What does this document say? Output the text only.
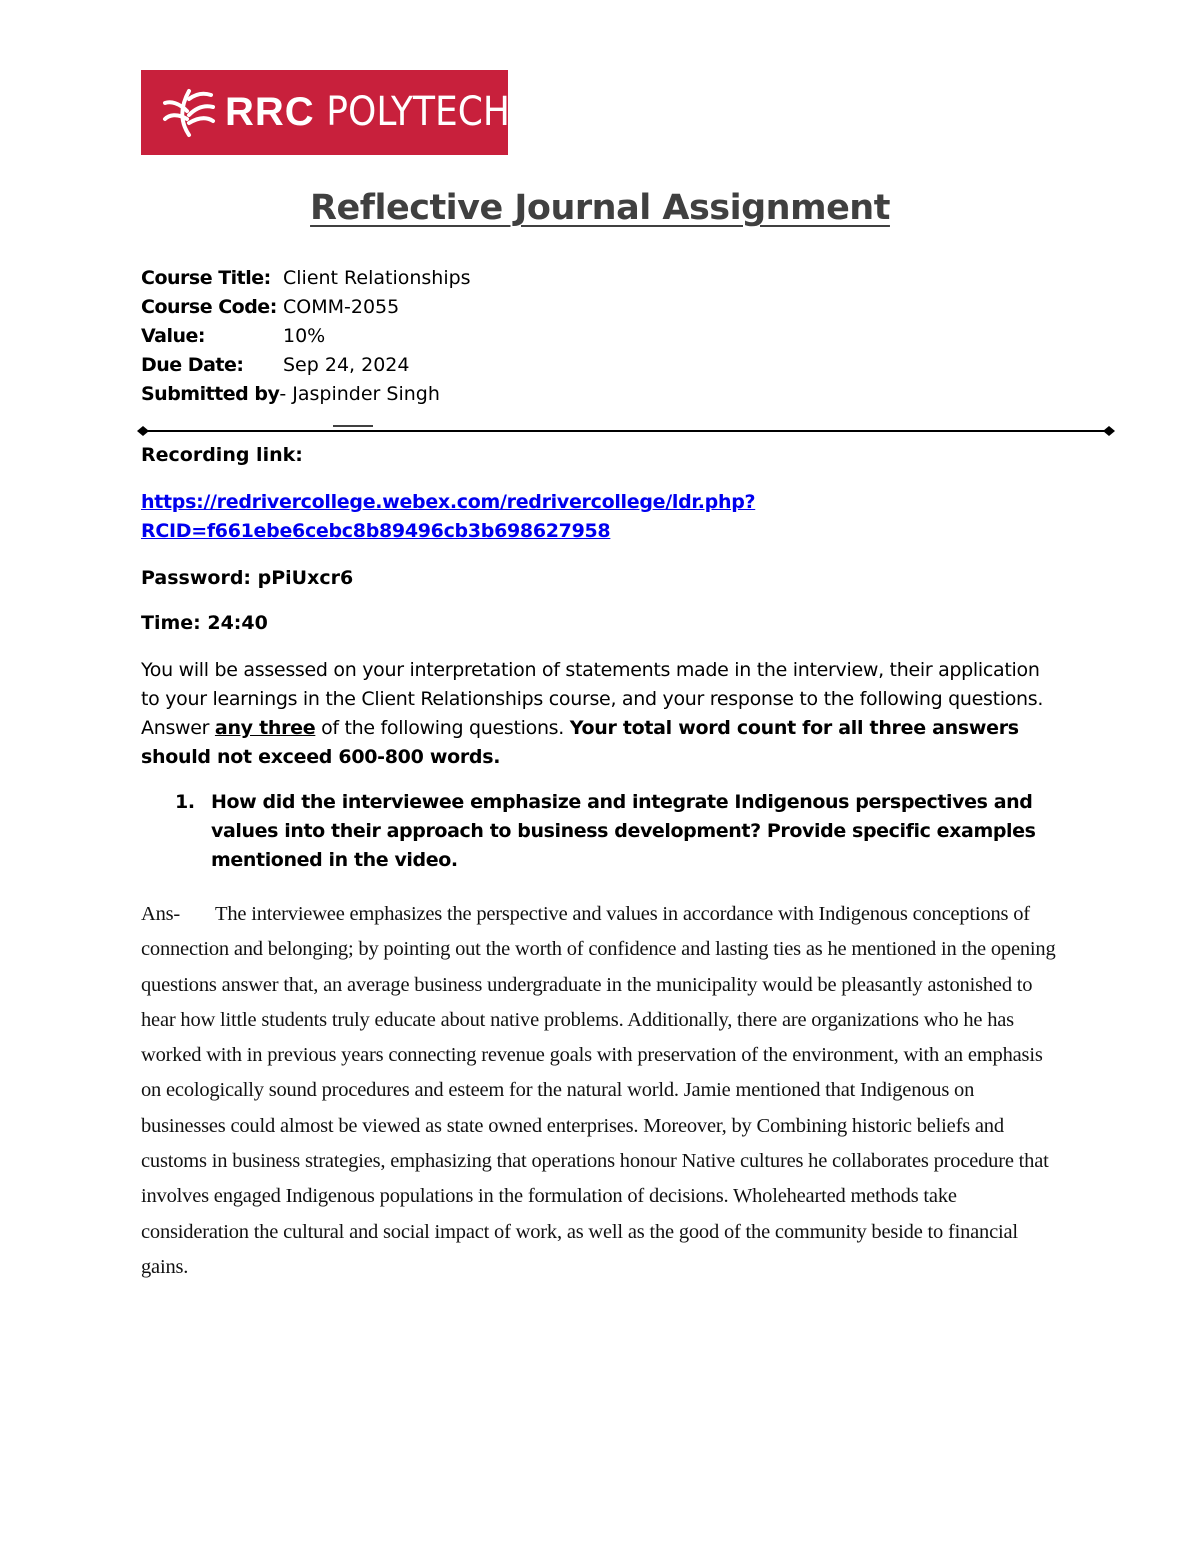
RRC POLYTECH
Reflective Journal Assignment
Course Title: Client Relationships
Course Code: COMM-2055
Value:	10%
Due Date: Sep 24, 2024
Submitted by- Jaspinder Singh
Recording link:
https://redrivercollege.webex.com/redrivercollege/ldr.php?
RCID=f661ebe6cebc8b89496cb3b698627958
Password: pPiUxcr6
Time: 24:40
You will be assessed on your interpretation of statements made in the interview, their application to your learnings in the Client Relationships course, and your response to the following questions. Answer any three of the following questions. Your total word count for all three answers should not exceed 600-800 words.
1. How did the interviewee emphasize and integrate Indigenous perspectives and values into their approach to business development? Provide specific examples mentioned in the video.
Ans- The interviewee emphasizes the perspective and values in accordance with Indigenous conceptions of connection and belonging; by pointing out the worth of confidence and lasting ties as he mentioned in the opening questions answer that, an average business undergraduate in the municipality would be pleasantly astonished to hear how little students truly educate about native problems. Additionally, there are organizations who he has worked with in previous years connecting revenue goals with preservation of the environment, with an emphasis on ecologically sound procedures and esteem for the natural world. Jamie mentioned that Indigenous on businesses could almost be viewed as state owned enterprises. Moreover, by Combining historic beliefs and customs in business strategies, emphasizing that operations honour Native cultures he collaborates procedure that involves engaged Indigenous populations in the formulation of decisions. Wholehearted methods take consideration the cultural and social impact of work, as well as the good of the community beside to financial gains.
